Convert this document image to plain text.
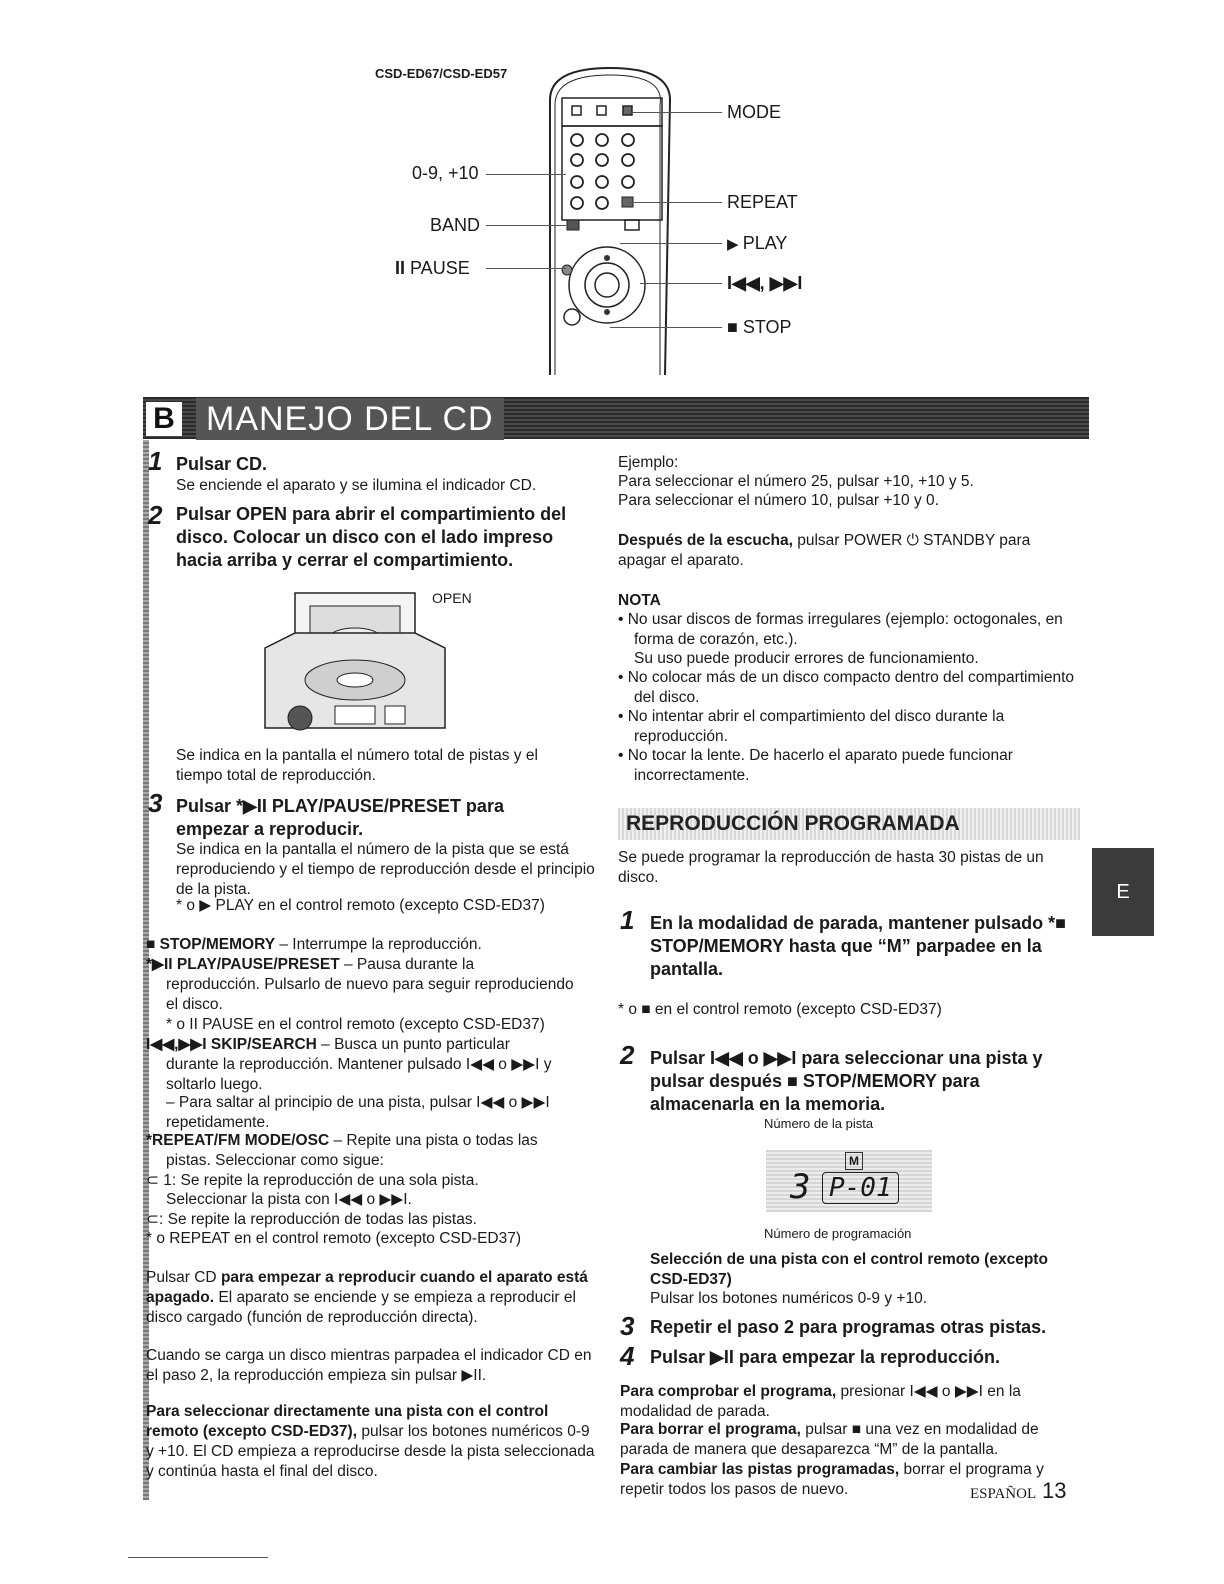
CSD-ED67/CSD-ED57
0-9, +10
BAND
II PAUSE
MODE
REPEAT
▶ PLAY
I◀◀, ▶▶I
■ STOP
B MANEJO DEL CD
1 Pulsar CD.
Se enciende el aparato y se ilumina el indicador CD.
2 Pulsar OPEN para abrir el compartimiento del disco. Colocar un disco con el lado impreso hacia arriba y cerrar el compartimiento.
OPEN
Se indica en la pantalla el número total de pistas y el tiempo total de reproducción.
3 Pulsar *▶II PLAY/PAUSE/PRESET para
empezar a reproducir.
Se indica en la pantalla el número de la pista que se está reproduciendo y el tiempo de reproducción desde el principio de la pista.
* o ▶ PLAY en el control remoto (excepto CSD-ED37)
■ STOP/MEMORY – Interrumpe la reproducción.
*▶II PLAY/PAUSE/PRESET – Pausa durante la
reproducción. Pulsarlo de nuevo para seguir reproduciendo el disco.
* o II PAUSE en el control remoto (excepto CSD-ED37)
I◀◀,▶▶I SKIP/SEARCH – Busca un punto particular
durante la reproducción. Mantener pulsado I◀◀ o ▶▶I y soltarlo luego.
– Para saltar al principio de una pista, pulsar I◀◀ o ▶▶I repetidamente.
*REPEAT/FM MODE/OSC – Repite una pista o todas las
pistas. Seleccionar como sigue:
⊂ 1: Se repite la reproducción de una sola pista.
Seleccionar la pista con I◀◀ o ▶▶I.
⊂: Se repite la reproducción de todas las pistas.
* o REPEAT en el control remoto (excepto CSD-ED37)
Pulsar CD para empezar a reproducir cuando el aparato está apagado. El aparato se enciende y se empieza a reproducir el disco cargado (función de reproducción directa).
Cuando se carga un disco mientras parpadea el indicador CD en el paso 2, la reproducción empieza sin pulsar ▶II.
Para seleccionar directamente una pista con el control remoto (excepto CSD-ED37), pulsar los botones numéricos 0-9 y +10. El CD empieza a reproducirse desde la pista seleccionada y continúa hasta el final del disco.
Ejemplo:
Para seleccionar el número 25, pulsar +10, +10 y 5.
Para seleccionar el número 10, pulsar +10 y 0.
Después de la escucha, pulsar POWER ⏻ STANDBY para apagar el aparato.
NOTA
• No usar discos de formas irregulares (ejemplo: octogonales, en forma de corazón, etc.).
Su uso puede producir errores de funcionamiento.
• No colocar más de un disco compacto dentro del compartimiento del disco.
• No intentar abrir el compartimiento del disco durante la reproducción.
• No tocar la lente. De hacerlo el aparato puede funcionar incorrectamente.
REPRODUCCIÓN PROGRAMADA
Se puede programar la reproducción de hasta 30 pistas de un disco.
1 En la modalidad de parada, mantener pulsado *■ STOP/MEMORY hasta que “M” parpadee en la pantalla.
* o ■ en el control remoto (excepto CSD-ED37)
2 Pulsar I◀◀ o ▶▶I para seleccionar una pista y pulsar después ■ STOP/MEMORY para almacenarla en la memoria.
Número de la pista
M
3 P-01
Número de programación
Selección de una pista con el control remoto (excepto CSD-ED37)
Pulsar los botones numéricos 0-9 y +10.
3 Repetir el paso 2 para programas otras pistas.
4 Pulsar ▶II para empezar la reproducción.
Para comprobar el programa, presionar I◀◀ o ▶▶I en la modalidad de parada.
Para borrar el programa, pulsar ■ una vez en modalidad de parada de manera que desaparezca “M” de la pantalla.
Para cambiar las pistas programadas, borrar el programa y repetir todos los pasos de nuevo.
E
ESPAÑOL 13
